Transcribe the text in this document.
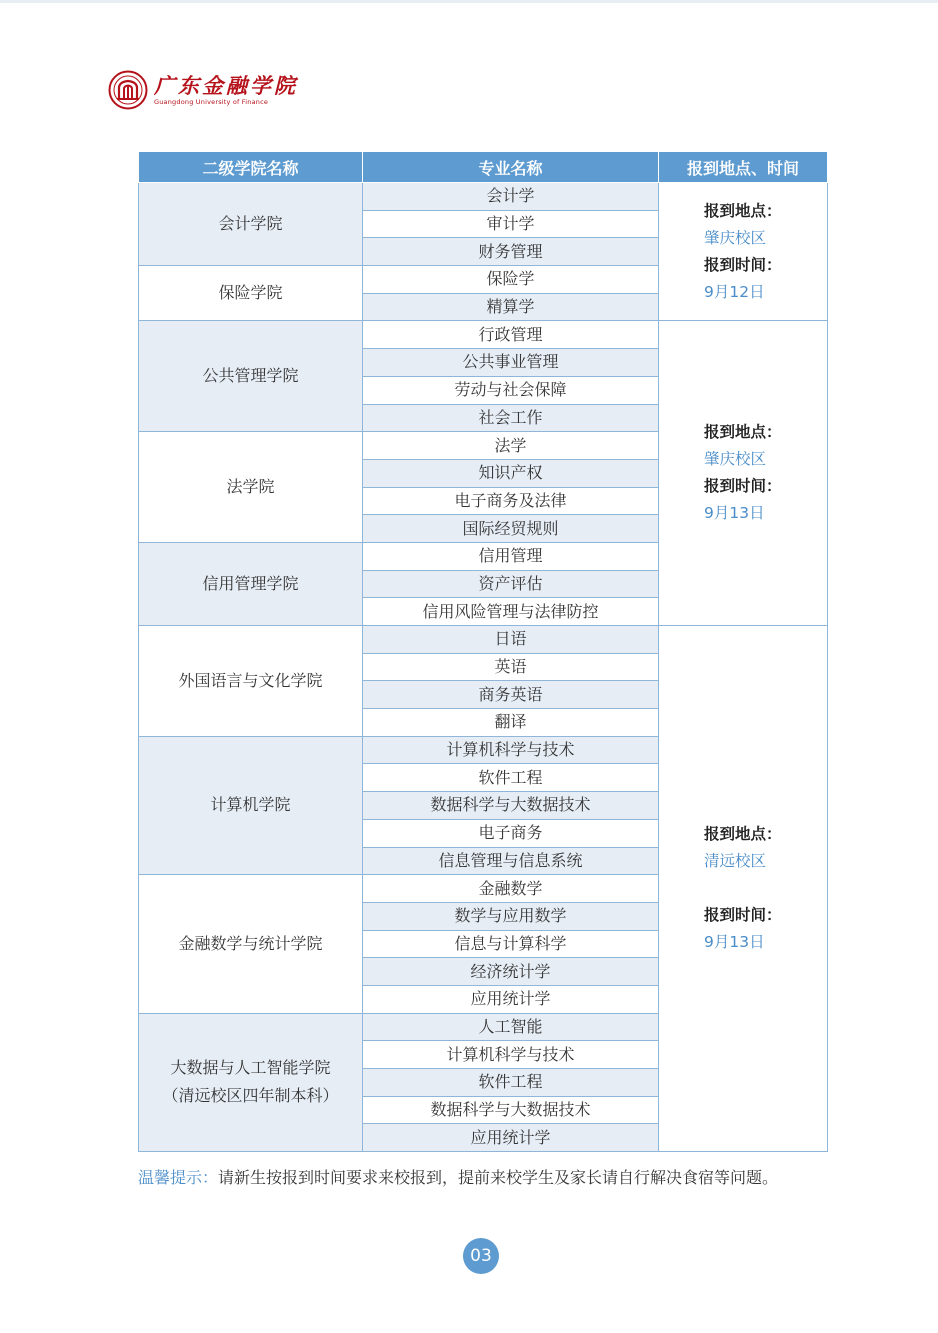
广东金融学院
Guangdong University of Finance
二级学院名称	专业名称	报到地点、时间
会计学院	会计学	报到地点：
肇庆校区
报到时间：
9月12日

	审计学	
	财务管理	
保险学院	保险学	
	精算学	
公共管理学院	行政管理	报到地点：
肇庆校区
报到时间：
9月13日

	公共事业管理	
	劳动与社会保障	
	社会工作	
法学院	法学	
	知识产权	
	电子商务及法律	
	国际经贸规则	
信用管理学院	信用管理	
	资产评估	
	信用风险管理与法律防控	
外国语言与文化学院	日语	报到地点：
清远校区
报到时间：
9月13日

	英语	
	商务英语	
	翻译	
计算机学院	计算机科学与技术	
	软件工程	
	数据科学与大数据技术	
	电子商务	
	信息管理与信息系统	
金融数学与统计学院	金融数学	
	数学与应用数学	
	信息与计算科学	
	经济统计学	
	应用统计学	

大数据与人工智能学院
（清远校区四年制本科）	人工智能	
	计算机科学与技术	
	软件工程	
	数据科学与大数据技术	
	应用统计学	
温馨提示：请新生按报到时间要求来校报到，提前来校学生及家长请自行解决食宿等问题。
03
